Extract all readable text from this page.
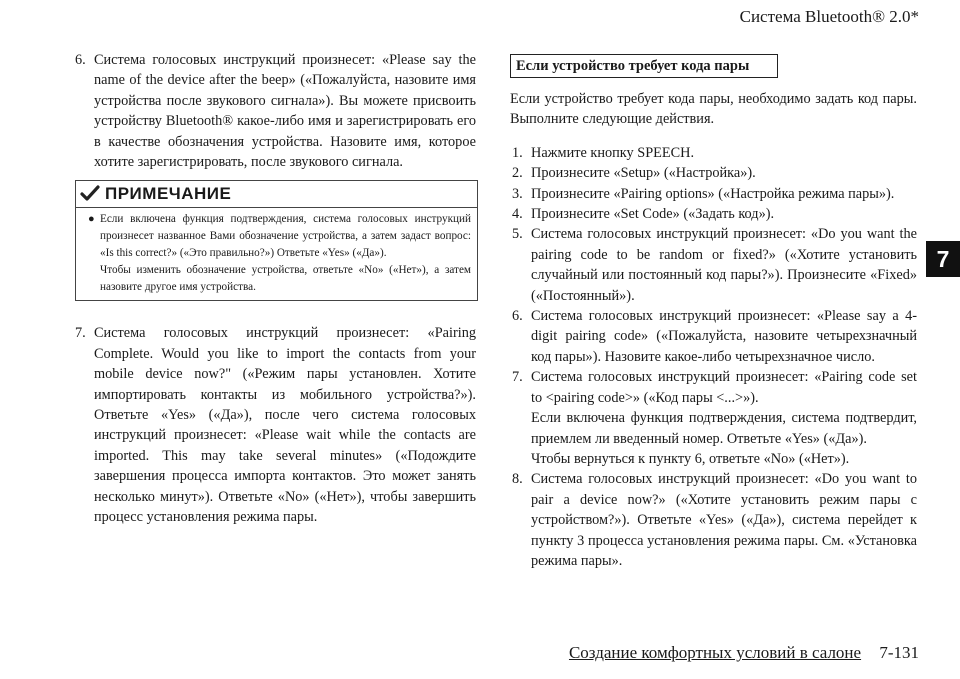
Система Bluetooth® 2.0*
7
6. Система голосовых инструкций произнесет: «Please say the name of the device after the beep» («Пожалуйста, назовите имя устройства после звукового сигнала»). Вы можете присвоить устройству Bluetooth® какое-либо имя и зарегистрировать его в качестве обозначения устройства. Назовите имя, которое хотите зарегистрировать, после звукового сигнала.
ПРИМЕЧАНИЕ
● Если включена функция подтверждения, система голосовых инструкций произнесет названное Вами обозначение устройства, а затем задаст вопрос: «Is this correct?» («Это правильно?») Ответьте «Yes» («Да»).

Чтобы изменить обозначение устройства, ответьте «No» («Нет»), а затем назовите другое имя устройства.

7. Система голосовых инструкций произнесет: «Pairing Complete. Would you like to import the contacts from your mobile device now?" («Режим пары установлен. Хотите импортировать контакты из мобильного устройства?»). Ответьте «Yes» («Да»), после чего система голосовых инструкций произнесет: «Please wait while the contacts are imported. This may take several minutes» («Подождите завершения процесса импорта контактов. Это может занять несколько минут»). Ответьте «No» («Нет»), чтобы завершить процесс установления режима пары.
Если устройство требует кода пары
Если устройство требует кода пары, необходимо задать код пары. Выполните следующие действия.
1. Нажмите кнопку SPEECH.
2. Произнесите «Setup» («Настройка»).
3. Произнесите «Pairing options» («Настройка режима пары»).
4. Произнесите «Set Code» («Задать код»).
5. Система голосовых инструкций произнесет: «Do you want the pairing code to be random or fixed?» («Хотите установить случайный или постоянный код пары?»). Произнесите «Fixed» («Постоянный»).
6. Система голосовых инструкций произнесет: «Please say a 4-digit pairing code» («Пожалуйста, назовите четырехзначный код пары»). Назовите какое-либо четырехзначное число.
7. Система голосовых инструкций произнесет: «Pairing code set to <pairing code>» («Код пары <...>»).
Если включена функция подтверждения, система подтвердит, приемлем ли введенный номер. Ответьте «Yes» («Да»).
Чтобы вернуться к пункту 6, ответьте «No» («Нет»).
8. Система голосовых инструкций произнесет: «Do you want to pair a device now?» («Хотите установить режим пары с устройством?»). Ответьте «Yes» («Да»), система перейдет к пункту 3 процесса установления режима пары. См. «Установка режима пары».
Создание комфортных условий в салоне 7-131
